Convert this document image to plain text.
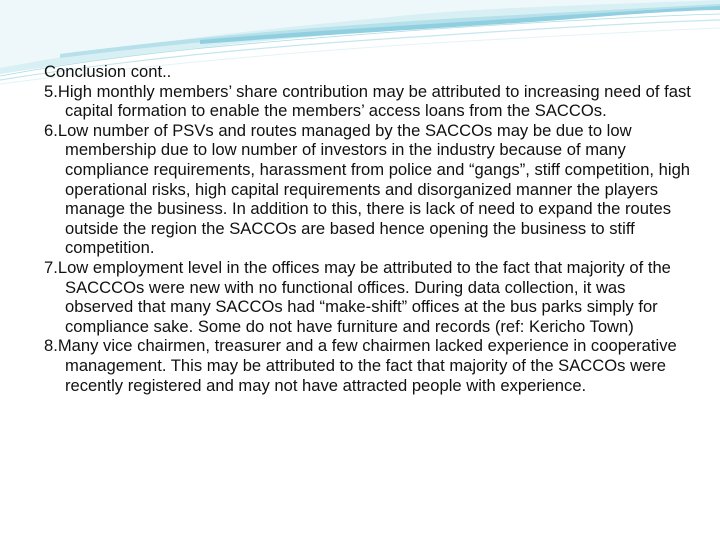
Conclusion cont..

5.High monthly members’ share contribution may be attributed to increasing need of fast capital formation to enable the members’ access loans from the SACCOs.

6.Low number of PSVs and routes managed by the SACCOs may be due to low membership due to low number of investors in the industry because of many compliance requirements, harassment from police and “gangs”, stiff competition, high operational risks, high capital requirements and disorganized manner the players manage the business. In addition to this, there is lack of need to expand the routes outside the region the SACCOs are based hence opening the business to stiff competition.

7.Low employment level in the offices may be attributed to the fact that majority of the SACCCOs were new with no functional offices. During data collection, it was observed that many SACCOs had “make-shift” offices at the bus parks simply for compliance sake. Some do not have furniture and records (ref: Kericho Town)

8.Many vice chairmen, treasurer and a few chairmen lacked experience in cooperative management. This may be attributed to the fact that majority of the SACCOs were recently registered and may not have attracted people with experience.
